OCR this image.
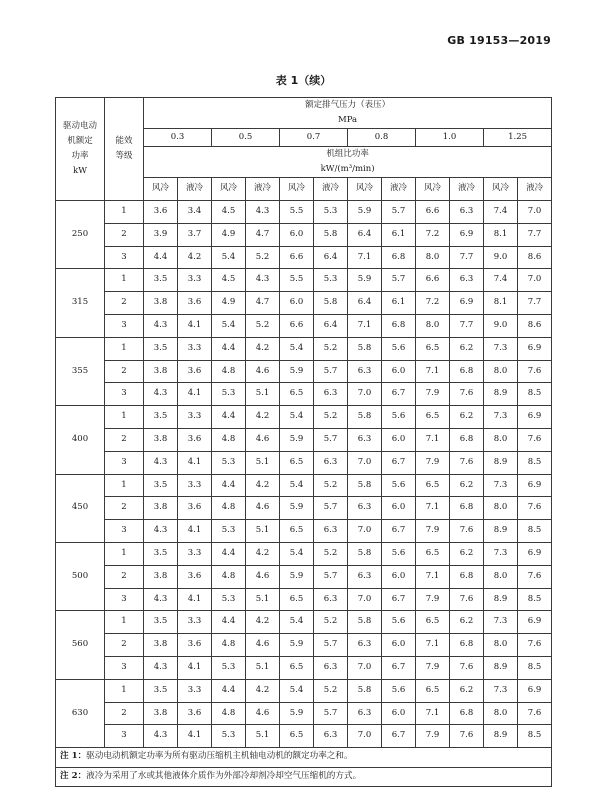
GB 19153—2019
表 1（续）
驱动电动
机额定
功率
kW	能效
等级	额定排气压力（表压）
MPa											

		0.3		0.5		0.7		0.8		1.0		1.25	

		机组比功率
kW/(m³/min)											

		风冷	液冷	风冷	液冷	风冷	液冷	风冷	液冷	风冷	液冷	风冷	液冷
250	1	3.6	3.4	4.5	4.3	5.5	5.3	5.9	5.7	6.6	6.3	7.4	7.0
	2	3.9	3.7	4.9	4.7	6.0	5.8	6.4	6.1	7.2	6.9	8.1	7.7
	3	4.4	4.2	5.4	5.2	6.6	6.4	7.1	6.8	8.0	7.7	9.0	8.6
315	1	3.5	3.3	4.5	4.3	5.5	5.3	5.9	5.7	6.6	6.3	7.4	7.0
	2	3.8	3.6	4.9	4.7	6.0	5.8	6.4	6.1	7.2	6.9	8.1	7.7
	3	4.3	4.1	5.4	5.2	6.6	6.4	7.1	6.8	8.0	7.7	9.0	8.6
355	1	3.5	3.3	4.4	4.2	5.4	5.2	5.8	5.6	6.5	6.2	7.3	6.9
	2	3.8	3.6	4.8	4.6	5.9	5.7	6.3	6.0	7.1	6.8	8.0	7.6
	3	4.3	4.1	5.3	5.1	6.5	6.3	7.0	6.7	7.9	7.6	8.9	8.5
400	1	3.5	3.3	4.4	4.2	5.4	5.2	5.8	5.6	6.5	6.2	7.3	6.9
	2	3.8	3.6	4.8	4.6	5.9	5.7	6.3	6.0	7.1	6.8	8.0	7.6
	3	4.3	4.1	5.3	5.1	6.5	6.3	7.0	6.7	7.9	7.6	8.9	8.5
450	1	3.5	3.3	4.4	4.2	5.4	5.2	5.8	5.6	6.5	6.2	7.3	6.9
	2	3.8	3.6	4.8	4.6	5.9	5.7	6.3	6.0	7.1	6.8	8.0	7.6
	3	4.3	4.1	5.3	5.1	6.5	6.3	7.0	6.7	7.9	7.6	8.9	8.5
500	1	3.5	3.3	4.4	4.2	5.4	5.2	5.8	5.6	6.5	6.2	7.3	6.9
	2	3.8	3.6	4.8	4.6	5.9	5.7	6.3	6.0	7.1	6.8	8.0	7.6
	3	4.3	4.1	5.3	5.1	6.5	6.3	7.0	6.7	7.9	7.6	8.9	8.5
560	1	3.5	3.3	4.4	4.2	5.4	5.2	5.8	5.6	6.5	6.2	7.3	6.9
	2	3.8	3.6	4.8	4.6	5.9	5.7	6.3	6.0	7.1	6.8	8.0	7.6
	3	4.3	4.1	5.3	5.1	6.5	6.3	7.0	6.7	7.9	7.6	8.9	8.5
630	1	3.5	3.3	4.4	4.2	5.4	5.2	5.8	5.6	6.5	6.2	7.3	6.9
	2	3.8	3.6	4.8	4.6	5.9	5.7	6.3	6.0	7.1	6.8	8.0	7.6
	3	4.3	4.1	5.3	5.1	6.5	6.3	7.0	6.7	7.9	7.6	8.9	8.5
注 1：驱动电动机额定功率为所有驱动压缩机主机轴电动机的额定功率之和。													
注 2：液冷为采用了水或其他液体介质作为外部冷却剂冷却空气压缩机的方式。													
